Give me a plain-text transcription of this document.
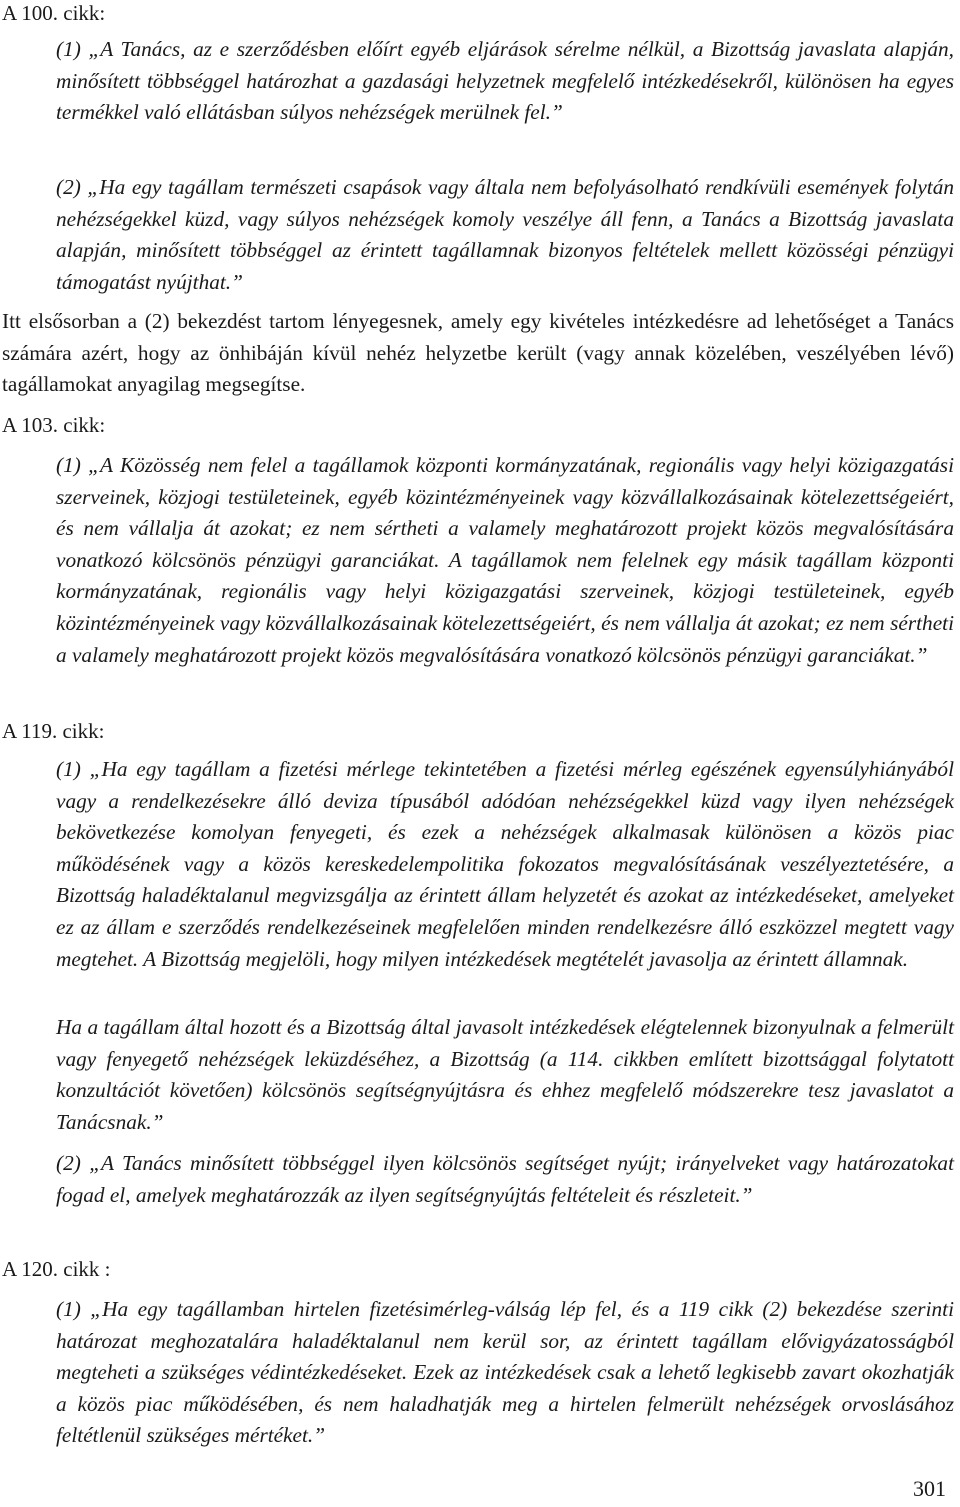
A 100. cikk:

(1) „A Tanács, az e szerződésben előírt egyéb eljárások sérelme nélkül, a Bizottság javaslata alapján, minősített többséggel határozhat a gazdasági helyzetnek megfelelő intézkedésekről, különösen ha egyes termékkel való ellátásban súlyos nehézségek merülnek fel.”

(2) „Ha egy tagállam természeti csapások vagy általa nem befolyásolható rendkívüli események folytán nehézségekkel küzd, vagy súlyos nehézségek komoly veszélye áll fenn, a Tanács a Bizottság javaslata alapján, minősített többséggel az érintett tagállamnak bizonyos feltételek mellett közösségi pénzügyi támogatást nyújthat.”

Itt elsősorban a (2) bekezdést tartom lényegesnek, amely egy kivételes intézkedésre ad lehetőséget a Tanács számára azért, hogy az önhibáján kívül nehéz helyzetbe került (vagy annak közelében, veszélyében lévő) tagállamokat anyagilag megsegítse.

A 103. cikk:

(1) „A Közösség nem felel a tagállamok központi kormányzatának, regionális vagy helyi közigazgatási szerveinek, közjogi testületeinek, egyéb közintézményeinek vagy közvállalkozásainak kötelezettségeiért, és nem vállalja át azokat; ez nem sértheti a valamely meghatározott projekt közös megvalósítására vonatkozó kölcsönös pénzügyi garanciákat. A tagállamok nem felelnek egy másik tagállam központi kormányzatának, regionális vagy helyi közigazgatási szerveinek, közjogi testületeinek, egyéb közintézményeinek vagy közvállalkozásainak kötelezettségeiért, és nem vállalja át azokat; ez nem sértheti a valamely meghatározott projekt közös megvalósítására vonatkozó kölcsönös pénzügyi garanciákat.”

A 119. cikk:

(1) „Ha egy tagállam a fizetési mérlege tekintetében a fizetési mérleg egészének egyensúlyhiányából vagy a rendelkezésekre álló deviza típusából adódóan nehézségekkel küzd vagy ilyen nehézségek bekövetkezése komolyan fenyegeti, és ezek a nehézségek alkalmasak különösen a közös piac működésének vagy a közös kereskedelempolitika fokozatos megvalósításának veszélyeztetésére, a Bizottság haladéktalanul megvizsgálja az érintett állam helyzetét és azokat az intézkedéseket, amelyeket ez az állam e szerződés rendelkezéseinek megfelelően minden rendelkezésre álló eszközzel megtett vagy megtehet. A Bizottság megjelöli, hogy milyen intézkedések megtételét javasolja az érintett államnak.

Ha a tagállam által hozott és a Bizottság által javasolt intézkedések elégtelennek bizonyulnak a felmerült vagy fenyegető nehézségek leküzdéséhez, a Bizottság (a 114. cikkben említett bizottsággal folytatott konzultációt követően) kölcsönös segítségnyújtásra és ehhez megfelelő módszerekre tesz javaslatot a Tanácsnak.”

(2) „A Tanács minősített többséggel ilyen kölcsönös segítséget nyújt; irányelveket vagy határozatokat fogad el, amelyek meghatározzák az ilyen segítségnyújtás feltételeit és részleteit.”

A 120. cikk :

(1) „Ha egy tagállamban hirtelen fizetésimérleg-válság lép fel, és a 119 cikk (2) bekezdése szerinti határozat meghozatalára haladéktalanul nem kerül sor, az érintett tagállam elővigyázatosságból megteheti a szükséges védintézkedéseket. Ezek az intézkedések csak a lehető legkisebb zavart okozhatják a közös piac működésében, és nem haladhatják meg a hirtelen felmerült nehézségek orvoslásához feltétlenül szükséges mértéket.”

301
